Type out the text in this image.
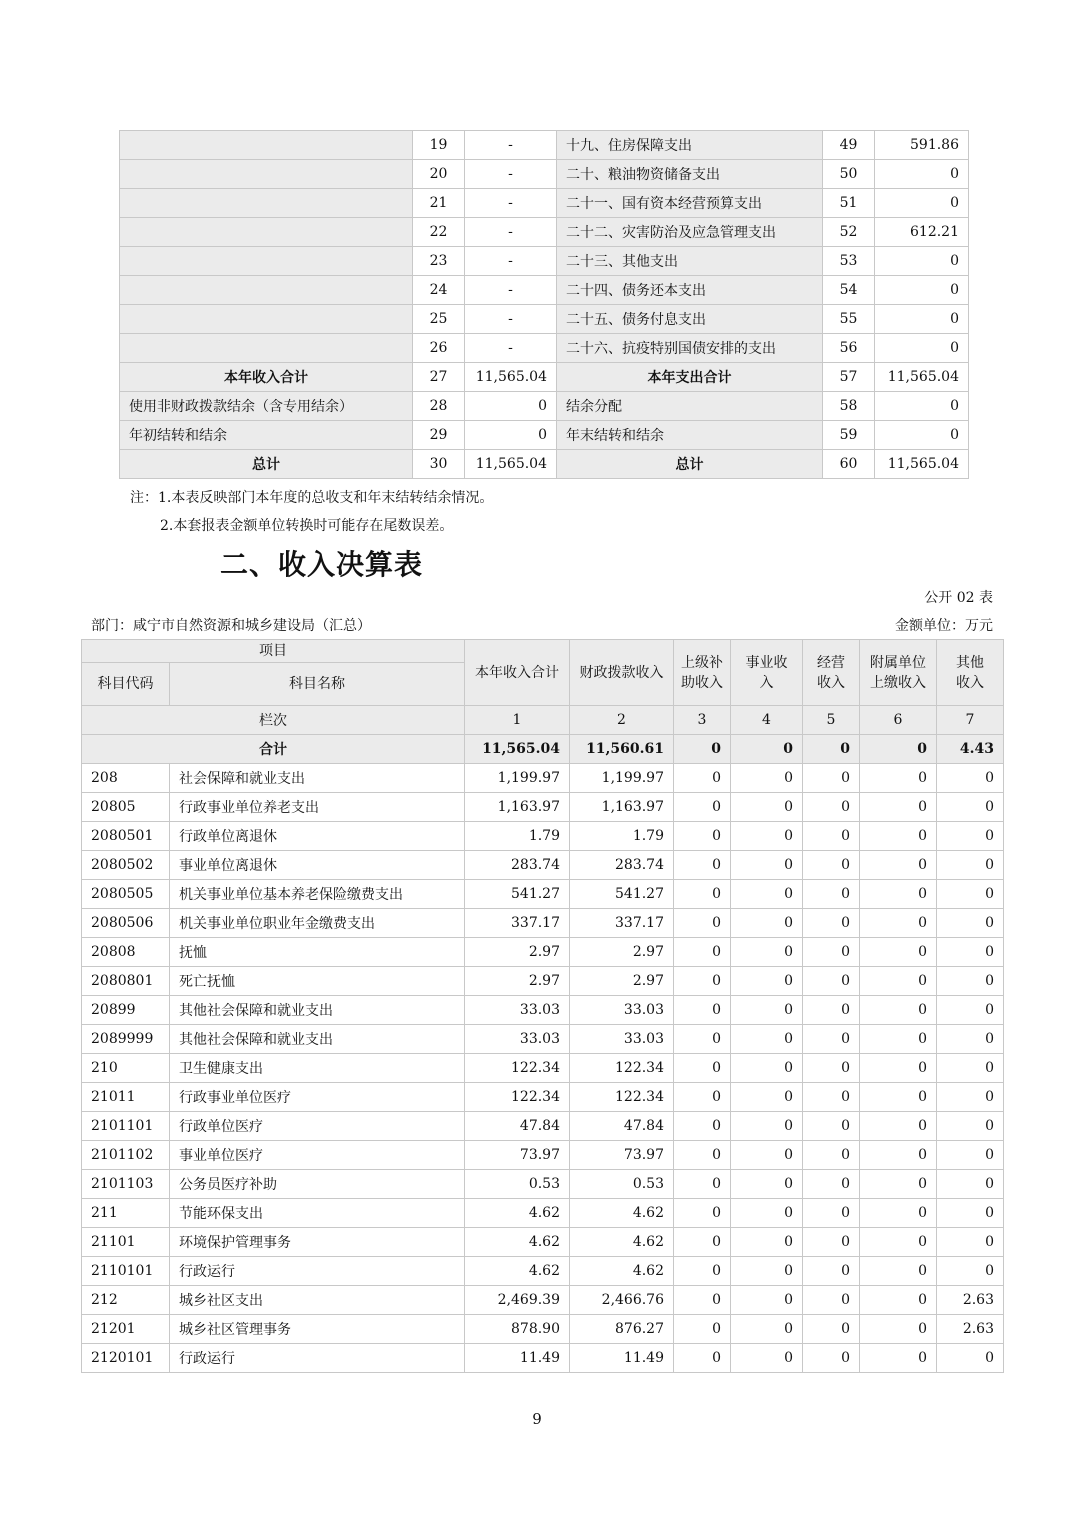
	19	-	十九、住房保障支出	49	591.86
	20	-	二十、粮油物资储备支出	50	0
	21	-	二十一、国有资本经营预算支出	51	0
	22	-	二十二、灾害防治及应急管理支出	52	612.21
	23	-	二十三、其他支出	53	0
	24	-	二十四、债务还本支出	54	0
	25	-	二十五、债务付息支出	55	0
	26	-	二十六、抗疫特别国债安排的支出	56	0
本年收入合计	27	11,565.04	本年支出合计	57	11,565.04
使用非财政拨款结余（含专用结余）	28	0	结余分配	58	0
年初结转和结余	29	0	年末结转和结余	59	0
总计	30	11,565.04	总计	60	11,565.04
注：1.本表反映部门本年度的总收支和年末结转结余情况。
2.本套报表金额单位转换时可能存在尾数误差。
二、收入决算表
公开 02 表
部门：咸宁市自然资源和城乡建设局（汇总）	金额单位：万元
项目		本年收入合计	财政拨款收入	上级补助收入	事业收入	经营收入	附属单位上缴收入	其他收入
科目代码	科目名称							
栏次		1	2	3	4	5	6	7
合计		11,565.04	11,560.61	0	0	0	0	4.43
208	社会保障和就业支出	1,199.97	1,199.97	0	0	0	0	0
20805	行政事业单位养老支出	1,163.97	1,163.97	0	0	0	0	0
2080501	行政单位离退休	1.79	1.79	0	0	0	0	0
2080502	事业单位离退休	283.74	283.74	0	0	0	0	0
2080505	机关事业单位基本养老保险缴费支出	541.27	541.27	0	0	0	0	0
2080506	机关事业单位职业年金缴费支出	337.17	337.17	0	0	0	0	0
20808	抚恤	2.97	2.97	0	0	0	0	0
2080801	死亡抚恤	2.97	2.97	0	0	0	0	0
20899	其他社会保障和就业支出	33.03	33.03	0	0	0	0	0
2089999	其他社会保障和就业支出	33.03	33.03	0	0	0	0	0
210	卫生健康支出	122.34	122.34	0	0	0	0	0
21011	行政事业单位医疗	122.34	122.34	0	0	0	0	0
2101101	行政单位医疗	47.84	47.84	0	0	0	0	0
2101102	事业单位医疗	73.97	73.97	0	0	0	0	0
2101103	公务员医疗补助	0.53	0.53	0	0	0	0	0
211	节能环保支出	4.62	4.62	0	0	0	0	0
21101	环境保护管理事务	4.62	4.62	0	0	0	0	0
2110101	行政运行	4.62	4.62	0	0	0	0	0
212	城乡社区支出	2,469.39	2,466.76	0	0	0	0	2.63
21201	城乡社区管理事务	878.90	876.27	0	0	0	0	2.63
2120101	行政运行	11.49	11.49	0	0	0	0	0
9
